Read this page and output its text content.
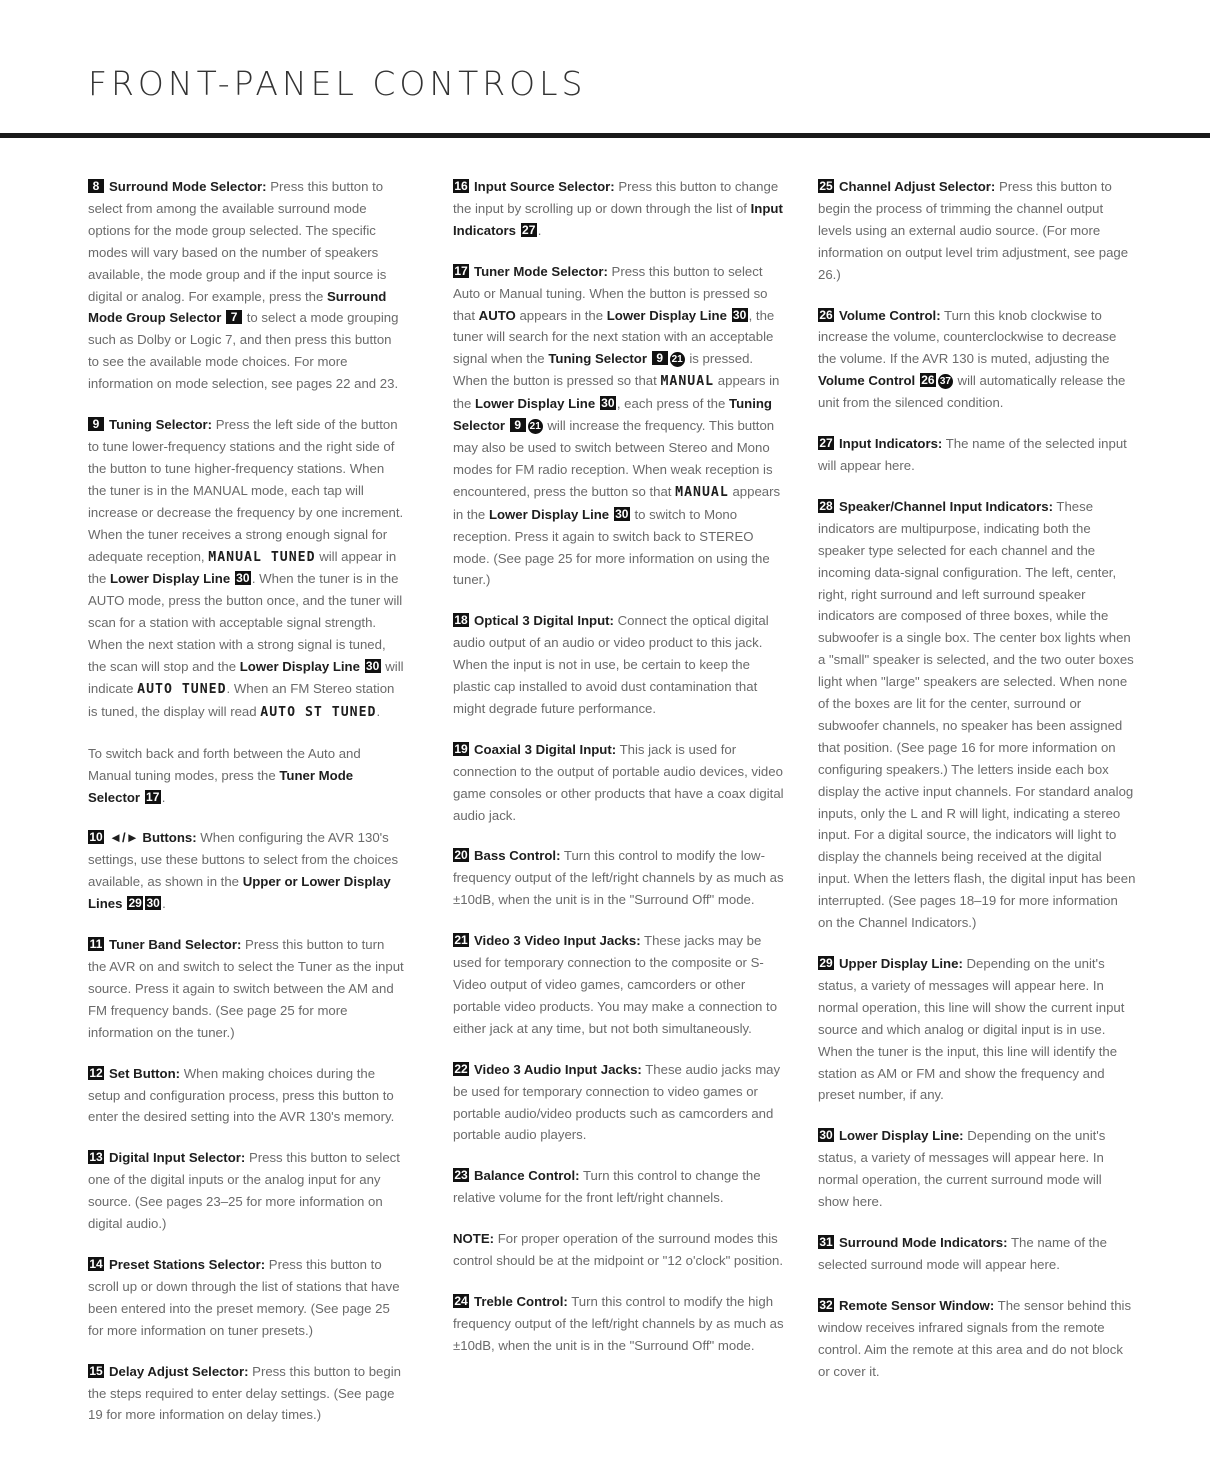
FRONT-PANEL CONTROLS

8 Surround Mode Selector: Press this button to select from among the available surround mode options for the mode group selected. The specific modes will vary based on the number of speakers available, the mode group and if the input source is digital or analog. For example, press the Surround Mode Group Selector 7 to select a mode grouping such as Dolby or Logic 7, and then press this button to see the available mode choices. For more information on mode selection, see pages 22 and 23.

9 Tuning Selector: Press the left side of the button to tune lower-frequency stations and the right side of the button to tune higher-frequency stations. When the tuner is in the MANUAL mode, each tap will increase or decrease the frequency by one increment. When the tuner receives a strong enough signal for adequate reception, MANUAL TUNED will appear in the Lower Display Line 30 . When the tuner is in the AUTO mode, press the button once, and the tuner will scan for a station with acceptable signal strength. When the next station with a strong signal is tuned, the scan will stop and the Lower Display Line 30 will indicate AUTO TUNED. When an FM Stereo station is tuned, the display will read AUTO ST TUNED.

To switch back and forth between the Auto and Manual tuning modes, press the Tuner Mode Selector 17 .

10 ◄/► Buttons: When configuring the AVR 130's settings, use these buttons to select from the choices available, as shown in the Upper or Lower Display Lines 29 30 .

11 Tuner Band Selector: Press this button to turn the AVR on and switch to select the Tuner as the input source. Press it again to switch between the AM and FM frequency bands. (See page 25 for more information on the tuner.)

12 Set Button: When making choices during the setup and configuration process, press this button to enter the desired setting into the AVR 130's memory.

13 Digital Input Selector: Press this button to select one of the digital inputs or the analog input for any source. (See pages 23–25 for more information on digital audio.)

14 Preset Stations Selector: Press this button to scroll up or down through the list of stations that have been entered into the preset memory. (See page 25 for more information on tuner presets.)

15 Delay Adjust Selector: Press this button to begin the steps required to enter delay settings. (See page 19 for more information on delay times.)

16 Input Source Selector: Press this button to change the input by scrolling up or down through the list of Input Indicators 27 .

17 Tuner Mode Selector: Press this button to select Auto or Manual tuning. When the button is pressed so that AUTO appears in the Lower Display Line 30 , the tuner will search for the next station with an acceptable signal when the Tuning Selector 9 21 is pressed. When the button is pressed so that MANUAL appears in the Lower Display Line 30 , each press of the Tuning Selector 9 21 will increase the frequency. This button may also be used to switch between Stereo and Mono modes for FM radio reception. When weak reception is encountered, press the button so that MANUAL appears in the Lower Display Line 30 to switch to Mono reception. Press it again to switch back to STEREO mode. (See page 25 for more information on using the tuner.)

18 Optical 3 Digital Input: Connect the optical digital audio output of an audio or video product to this jack. When the input is not in use, be certain to keep the plastic cap installed to avoid dust contamination that might degrade future performance.

19 Coaxial 3 Digital Input: This jack is used for connection to the output of portable audio devices, video game consoles or other products that have a coax digital audio jack.

20 Bass Control: Turn this control to modify the low-frequency output of the left/right channels by as much as ±10dB, when the unit is in the "Surround Off" mode.

21 Video 3 Video Input Jacks: These jacks may be used for temporary connection to the composite or S-Video output of video games, camcorders or other portable video products. You may make a connection to either jack at any time, but not both simultaneously.

22 Video 3 Audio Input Jacks: These audio jacks may be used for temporary connection to video games or portable audio/video products such as camcorders and portable audio players.

23 Balance Control: Turn this control to change the relative volume for the front left/right channels.

NOTE: For proper operation of the surround modes this control should be at the midpoint or "12 o'clock" position.

24 Treble Control: Turn this control to modify the high frequency output of the left/right channels by as much as ±10dB, when the unit is in the "Surround Off" mode.

25 Channel Adjust Selector: Press this button to begin the process of trimming the channel output levels using an external audio source. (For more information on output level trim adjustment, see page 26.)

26 Volume Control: Turn this knob clockwise to increase the volume, counterclockwise to decrease the volume. If the AVR 130 is muted, adjusting the Volume Control 26 37 will automatically release the unit from the silenced condition.

27 Input Indicators: The name of the selected input will appear here.

28 Speaker/Channel Input Indicators: These indicators are multipurpose, indicating both the speaker type selected for each channel and the incoming data-signal configuration. The left, center, right, right surround and left surround speaker indicators are composed of three boxes, while the subwoofer is a single box. The center box lights when a "small" speaker is selected, and the two outer boxes light when "large" speakers are selected. When none of the boxes are lit for the center, surround or subwoofer channels, no speaker has been assigned that position. (See page 16 for more information on configuring speakers.) The letters inside each box display the active input channels. For standard analog inputs, only the L and R will light, indicating a stereo input. For a digital source, the indicators will light to display the channels being received at the digital input. When the letters flash, the digital input has been interrupted. (See pages 18–19 for more information on the Channel Indicators.)

29 Upper Display Line: Depending on the unit's status, a variety of messages will appear here. In normal operation, this line will show the current input source and which analog or digital input is in use. When the tuner is the input, this line will identify the station as AM or FM and show the frequency and preset number, if any.

30 Lower Display Line: Depending on the unit's status, a variety of messages will appear here. In normal operation, the current surround mode will show here.

31 Surround Mode Indicators: The name of the selected surround mode will appear here.

32 Remote Sensor Window: The sensor behind this window receives infrared signals from the remote control. Aim the remote at this area and do not block or cover it.
